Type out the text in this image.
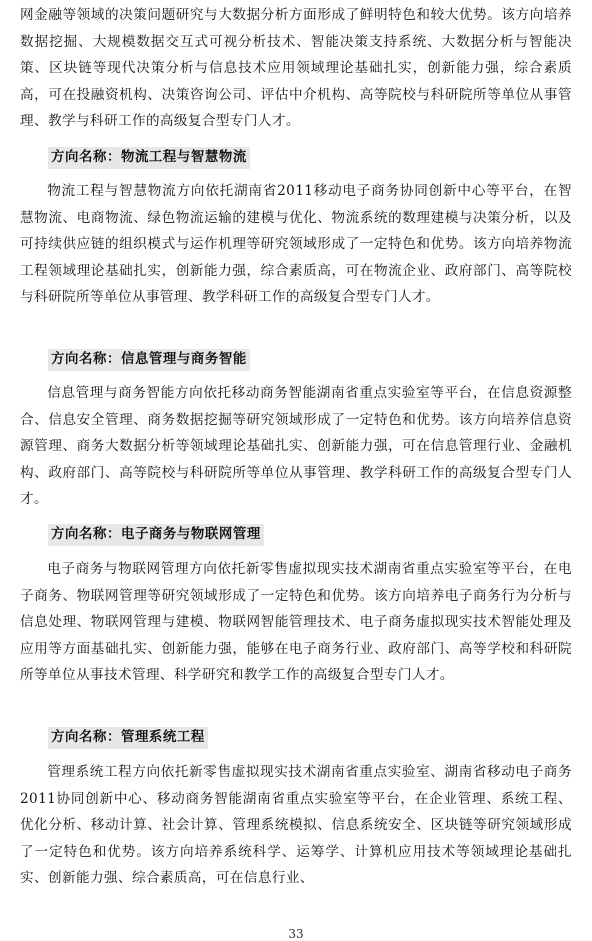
网金融等领域的决策问题研究与大数据分析方面形成了鲜明特色和较大优势。该方向培养数据挖掘、大规模数据交互式可视分析技术、智能决策支持系统、大数据分析与智能决策、区块链等现代决策分析与信息技术应用领域理论基础扎实，创新能力强，综合素质高，可在投融资机构、决策咨询公司、评估中介机构、高等院校与科研院所等单位从事管理、教学与科研工作的高级复合型专门人才。

方向名称：物流工程与智慧物流

物流工程与智慧物流方向依托湖南省2011移动电子商务协同创新中心等平台，在智慧物流、电商物流、绿色物流运输的建模与优化、物流系统的数理建模与决策分析，以及可持续供应链的组织模式与运作机理等研究领域形成了一定特色和优势。该方向培养物流工程领域理论基础扎实，创新能力强，综合素质高，可在物流企业、政府部门、高等院校与科研院所等单位从事管理、教学科研工作的高级复合型专门人才。

方向名称：信息管理与商务智能

信息管理与商务智能方向依托移动商务智能湖南省重点实验室等平台，在信息资源整合、信息安全管理、商务数据挖掘等研究领域形成了一定特色和优势。该方向培养信息资源管理、商务大数据分析等领域理论基础扎实、创新能力强，可在信息管理行业、金融机构、政府部门、高等院校与科研院所等单位从事管理、教学科研工作的高级复合型专门人才。

方向名称：电子商务与物联网管理

电子商务与物联网管理方向依托新零售虚拟现实技术湖南省重点实验室等平台，在电子商务、物联网管理等研究领域形成了一定特色和优势。该方向培养电子商务行为分析与信息处理、物联网管理与建模、物联网智能管理技术、电子商务虚拟现实技术智能处理及应用等方面基础扎实、创新能力强，能够在电子商务行业、政府部门、高等学校和科研院所等单位从事技术管理、科学研究和教学工作的高级复合型专门人才。

方向名称：管理系统工程

管理系统工程方向依托新零售虚拟现实技术湖南省重点实验室、湖南省移动电子商务2011协同创新中心、移动商务智能湖南省重点实验室等平台，在企业管理、系统工程、优化分析、移动计算、社会计算、管理系统模拟、信息系统安全、区块链等研究领域形成了一定特色和优势。该方向培养系统科学、运筹学、计算机应用技术等领域理论基础扎实、创新能力强、综合素质高，可在信息行业、

33
